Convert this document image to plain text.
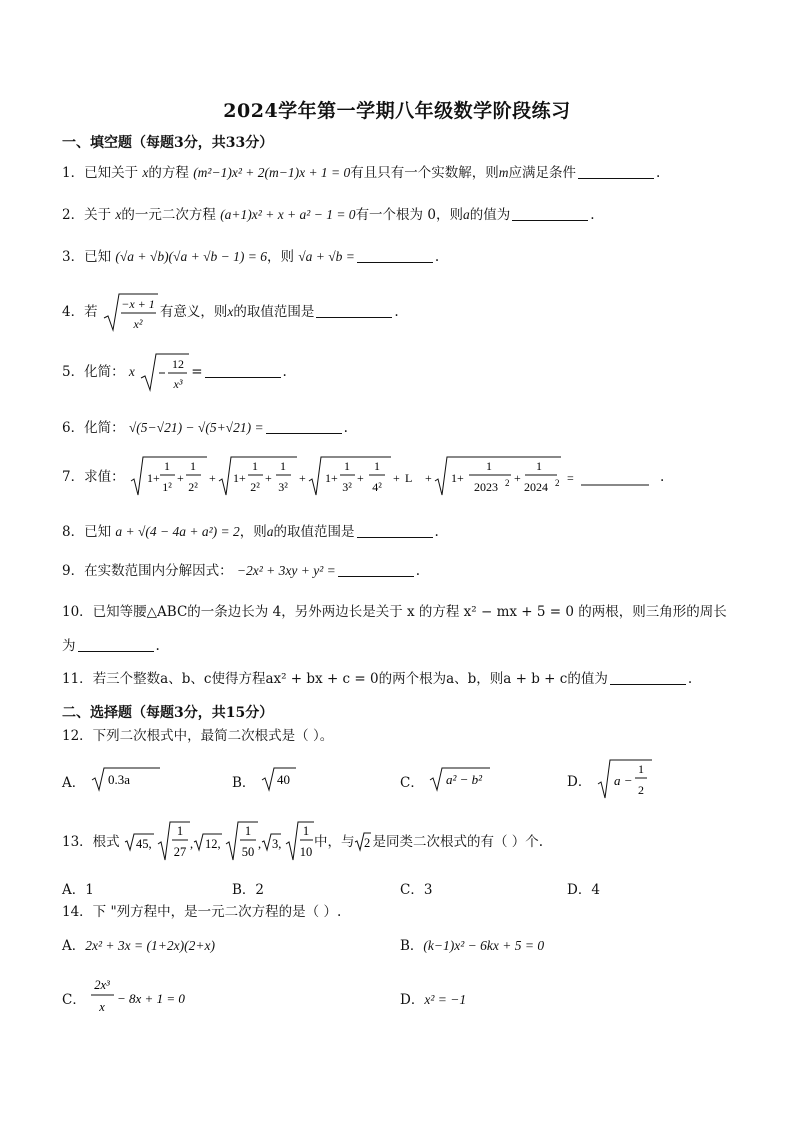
2024学年第一学期八年级数学阶段练习
一、填空题（每题3分，共33分）
1．已知关于 x的方程 (m²−1)x² + 2(m−1)x + 1 = 0有且只有一个实数解，则m应满足条件	.
2．关于 x的一元二次方程 (a+1)x² + x + a² − 1 = 0有一个根为 0，则a的值为	.
3．已知 (√a + √b)(√a + √b − 1) = 6，则 √a + √b =	.
4．若 −x + 1
x²
有意义，则x的取值范围是	.
5．化简： x	12
x³
=	.
6．化简： √(5−√21) − √(5+√21) =	.
7．求值： 1+
1
1²
+
1
2²
+ 1+
1
2²
+
1
3²
+ 1+
1
3²
+
1
4²
+ L + 1+
1
2023 2 +
1
2024 2 =	.
8．已知 a + √(4 − 4a + a²) = 2，则a的取值范围是	.
9．在实数范围内分解因式： −2x² + 3xy + y² =	.
10．已知等腰△ABC的一条边长为 4，另外两边长是关于 x 的方程 x² − mx + 5 = 0 的两根，则三角形的周长
为	.
11．若三个整数a、b、c使得方程ax² + bx + c = 0的两个根为a、b，则a + b + c的值为	.
二、选择题（每题3分，共15分）
12．下列二次根式中，最简二次根式是（ ）。
A． 0.3a	B． 40	C． a² − b²	D． a −
1
2
13．根式 45,
1
27
, 12,
1
50
, 3,
1
10
中，与 2 是同类二次根式的有（ ）个.
A．1	B．2	C．3	D．4
14．下 "列方程中，是一元二次方程的是（ ）.
A．2x² + 3x = (1+2x)(2+x)	B．(k−1)x² − 6kx + 5 = 0
C．
2x³
x
− 8x + 1 = 0	D．x² = −1
